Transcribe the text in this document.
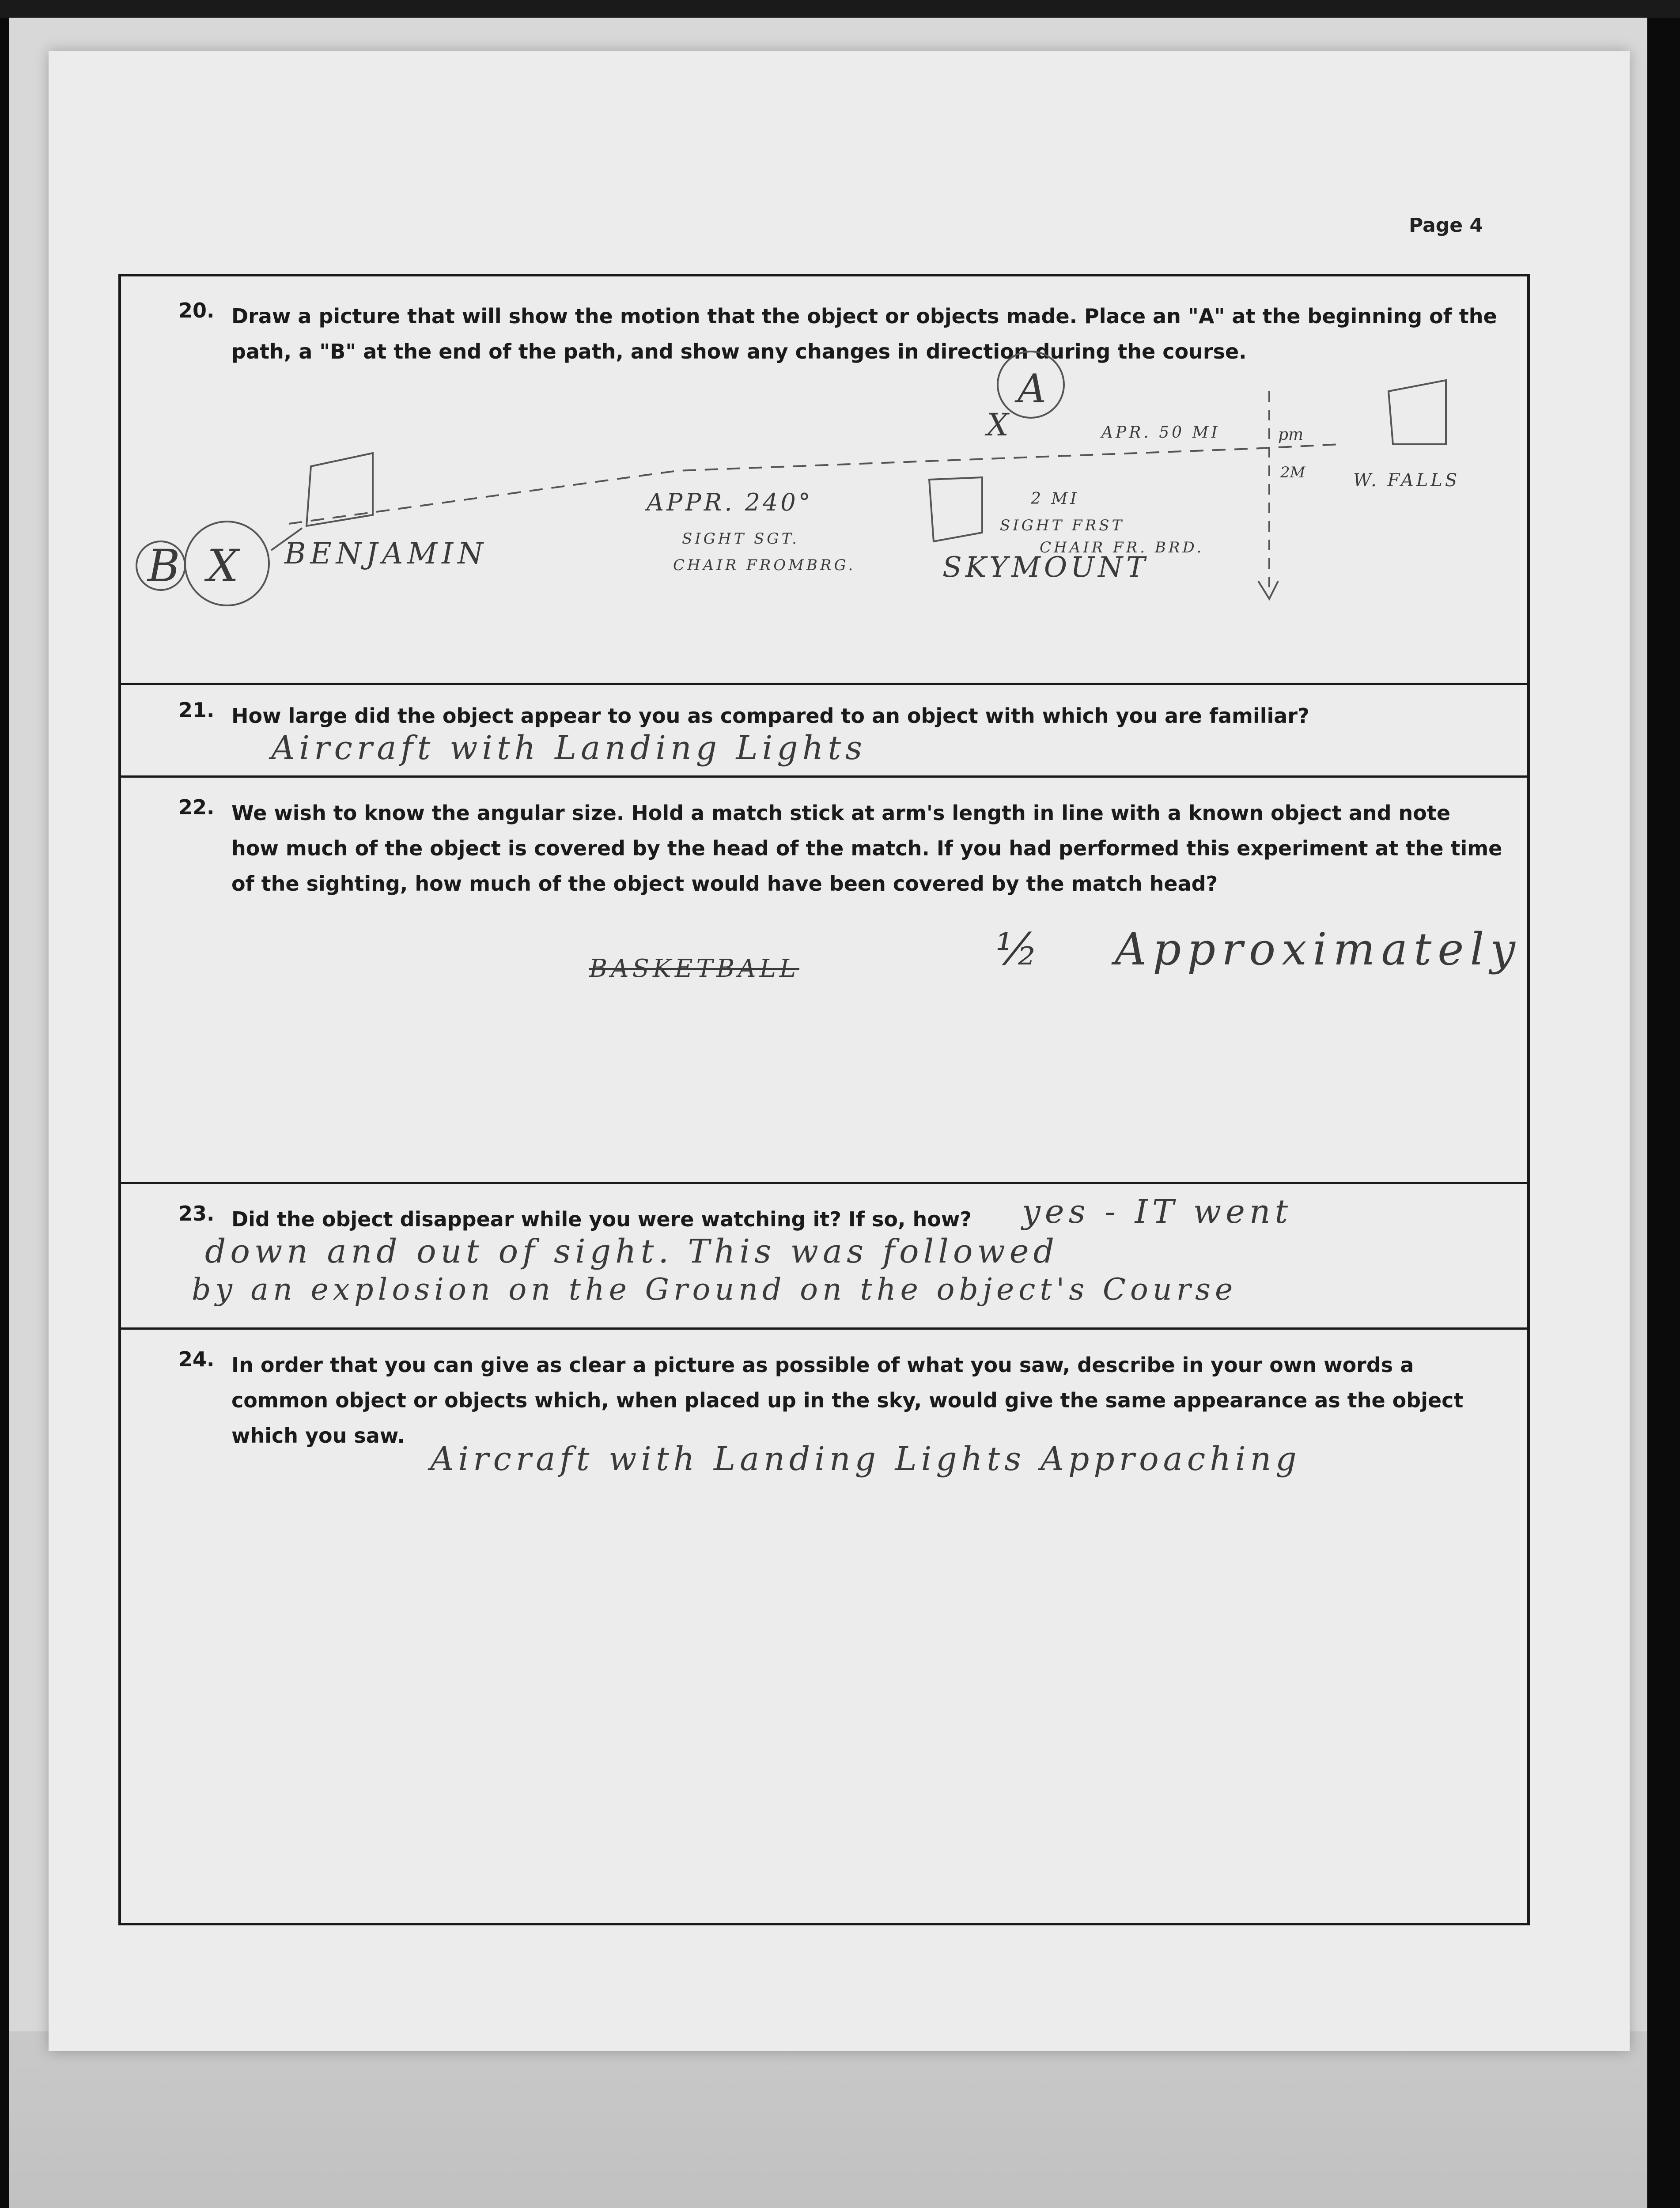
Page 4
20. Draw a picture that will show the motion that the object or objects made. Place an "A" at the beginning of the path, a "B" at the end of the path, and show any changes in direction during the course.
B X
A
X
BENJAMIN
APPR. 240°
SIGHT SGT.
CHAIR FROMBRG.	SKYMOUNT
APR. 50 MI
2 MI
SIGHT FRST
CHAIR FR. BRD.
pm
2M	W. FALLS
21. How large did the object appear to you as compared to an object with which you are familiar?
Aircraft with Landing Lights
22. We wish to know the angular size. Hold a match stick at arm's length in line with a known object and note how much of the object is covered by the head of the match. If you had performed this experiment at the time of the sighting, how much of the object would have been covered by the match head?
BASKETBALL	½ Approximately
23. Did the object disappear while you were watching it? If so, how?	yes - IT went
down and out of sight. This was followed
by an explosion on the Ground on the object's Course
24. In order that you can give as clear a picture as possible of what you saw, describe in your own words a common object or objects which, when placed up in the sky, would give the same appearance as the object which you saw.
Aircraft with Landing Lights Approaching
